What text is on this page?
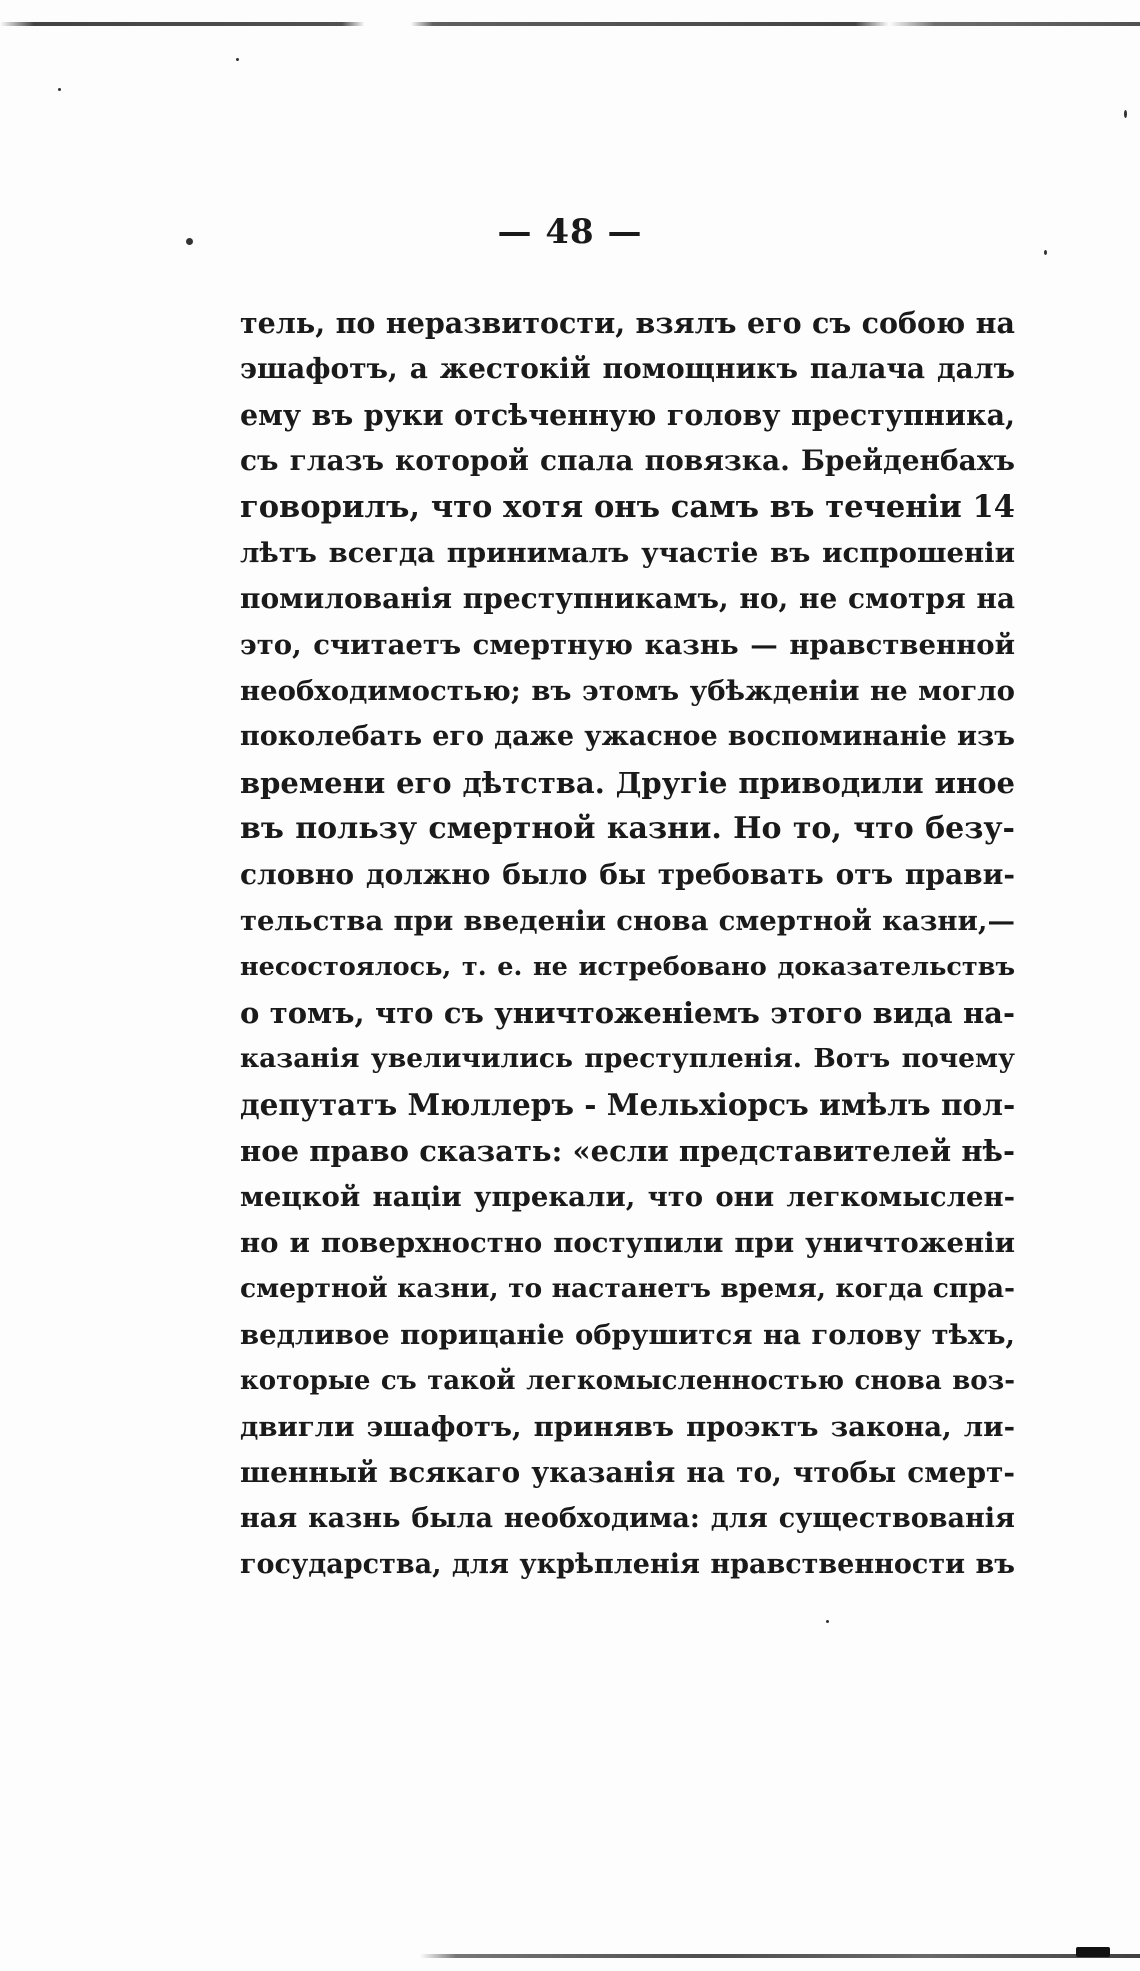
— 48 —
тель, по неразвитости, взялъ его съ собою на
эшафотъ, а жестокій помощникъ палача далъ
ему въ руки отсѣченную голову преступника,
съ глазъ которой спала повязка. Брейденбахъ
говорилъ, что хотя онъ самъ въ теченіи 14
лѣтъ всегда принималъ участіе въ испрошеніи
помилованія преступникамъ, но, не смотря на
это, считаетъ смертную казнь — нравственной
необходимостью; въ этомъ убѣжденіи не могло
поколебать его даже ужасное воспоминаніе изъ
времени его дѣтства. Другіе приводили иное
въ пользу смертной казни. Но то, что безу-
словно должно было бы требовать отъ прави-
тельства при введеніи снова смертной казни,—
несостоялось, т. е. не истребовано доказательствъ
о томъ, что съ уничтоженіемъ этого вида на-
казанія увеличились преступленія. Вотъ почему
депутатъ Мюллеръ - Мельхіорсъ имѣлъ пол-
ное право сказать: «если представителей нѣ-
мецкой націи упрекали, что они легкомыслен-
но и поверхностно поступили при уничтоженіи
смертной казни, то настанетъ время, когда спра-
ведливое порицаніе обрушится на голову тѣхъ,
которые съ такой легкомысленностью снова воз-
двигли эшафотъ, принявъ проэктъ закона, ли-
шенный всякаго указанія на то, чтобы смерт-
ная казнь была необходима: для существованія
государства, для укрѣпленія нравственности въ
